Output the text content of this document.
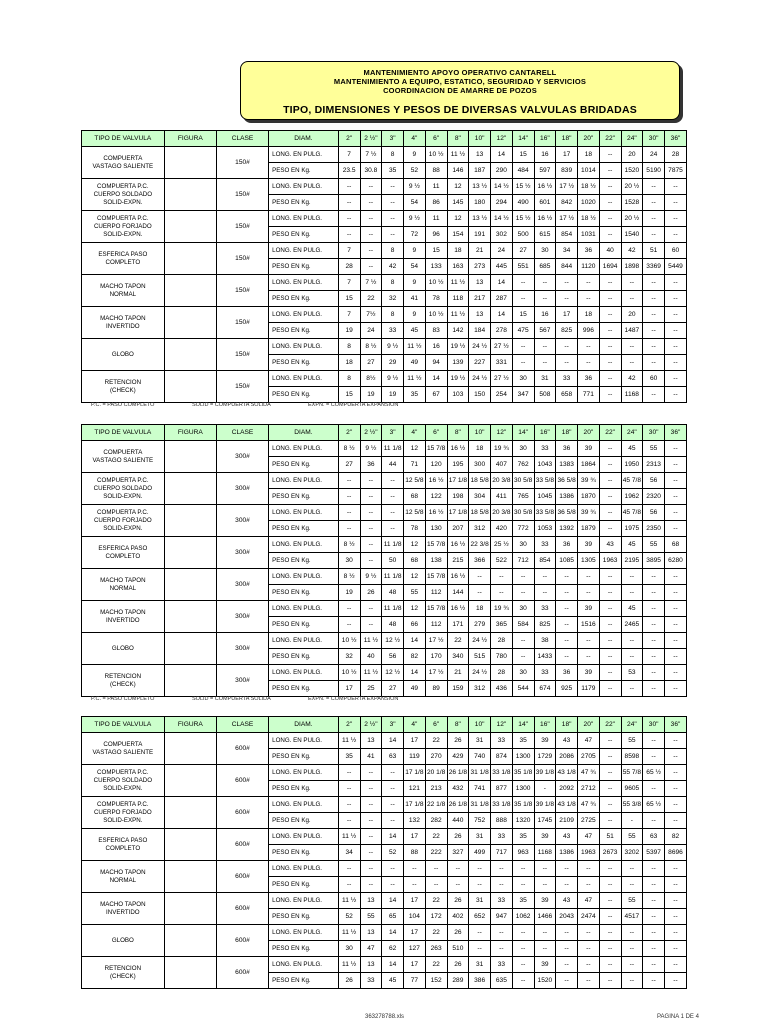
MANTENIMIENTO APOYO OPERATIVO CANTARELL
MANTENIMIENTO A EQUIPO, ESTATICO, SEGURIDAD Y SERVICIOS
COORDINACION DE AMARRE DE POZOS
TIPO, DIMENSIONES Y PESOS DE DIVERSAS VALVULAS BRIDADAS
TIPO DE VALVULA	FIGURA	CLASE	DIAM.	2"	2 ½"	3"	4"	6"	8"	10"	12"	14"	16"	18"	20"	22"	24"	30"	36"
COMPUERTA
VASTAGO SALIENTE		150#	LONG. EN PULG.	7	7 ½	8	9	10 ½	11 ½	13	14	15	16	17	18	--	20	24	28
			PESO EN Kg.	23.5	30.8	35	52	88	146	187	290	484	597	839	1014	--	1520	5190	7875
COMPUERTA P.C.
CUERPO SOLDADO
SOLID-EXPN.		150#	LONG. EN PULG.	--	--	--	9 ½	11	12	13 ½	14 ½	15 ½	16 ½	17 ½	18 ½	--	20 ½	--	--
			PESO EN Kg.	--	--	--	54	86	145	180	294	490	601	842	1020	--	1528	--	--
COMPUERTA P.C.
CUERPO FORJADO
SOLID-EXPN.		150#	LONG. EN PULG.	--	--	--	9 ½	11	12	13 ½	14 ½	15 ½	16 ½	17 ½	18 ½	--	20 ½	--	--
			PESO EN Kg.	--	--	--	72	96	154	191	302	500	615	854	1031	--	1540	--	--
ESFERICA PASO
COMPLETO		150#	LONG. EN PULG.	7	--	8	9	15	18	21	24	27	30	34	36	40	42	51	60
			PESO EN Kg.	28	--	42	54	133	163	273	445	551	685	844	1120	1694	1898	3369	5449
MACHO TAPON
NORMAL		150#	LONG. EN PULG.	7	7 ½	8	9	10 ½	11 ½	13	14	--	--	--	--	--	--	--	--
			PESO EN Kg.	15	22	32	41	78	118	217	287	--	--	--	--	--	--	--	--
MACHO TAPON
INVERTIDO		150#	LONG. EN PULG.	7	7½	8	9	10 ½	11 ½	13	14	15	16	17	18	--	20	--	--
			PESO EN Kg.	19	24	33	45	83	142	184	278	475	567	825	996	--	1487	--	--
GLOBO		150#	LONG. EN PULG.	8	8 ½	9 ½	11 ½	16	19 ½	24 ½	27 ½	--	--	--	--	--	--	--	--
			PESO EN Kg.	18	27	29	49	94	139	227	331	--	--	--	--	--	--	--	--
RETENCION
(CHECK)		150#	LONG. EN PULG.	8	8½	9 ½	11 ½	14	19 ½	24 ½	27 ½	30	31	33	36	--	42	60	--
			PESO EN Kg.	15	19	19	35	67	103	150	254	347	508	658	771	--	1168	--	--
P.C. = PASO COMPLETO	SOLID = COMPUERTA SOLIDA	EXPN. = COMPUERTA EXPANSION
TIPO DE VALVULA	FIGURA	CLASE	DIAM.	2"	2 ½"	3"	4"	6"	8"	10"	12"	14"	16"	18"	20"	22"	24"	30"	36"
COMPUERTA
VASTAGO SALIENTE		300#	LONG. EN PULG.	8 ½	9 ½	11 1/8	12	15 7/8	16 ½	18	19 ¾	30	33	36	39	--	45	55	--
			PESO EN Kg.	27	36	44	71	120	195	300	407	762	1043	1383	1864	--	1950	2313	--
COMPUERTA P.C.
CUERPO SOLDADO
SOLID-EXPN.		300#	LONG. EN PULG.	--	--	--	12 5/8	16 ½	17 1/8	18 5/8	20 3/8	30 5/8	33 5/8	36 5/8	39 ¾	--	45 7/8	56	--
			PESO EN Kg.	--	--	--	68	122	198	304	411	765	1045	1386	1870	--	1962	2320	--
COMPUERTA P.C.
CUERPO FORJADO
SOLID-EXPN.		300#	LONG. EN PULG.	--	--	--	12 5/8	16 ½	17 1/8	18 5/8	20 3/8	30 5/8	33 5/8	36 5/8	39 ¾	--	45 7/8	56	--
			PESO EN Kg.	--	--	--	78	130	207	312	420	772	1053	1392	1879	--	1975	2350	--
ESFERICA PASO
COMPLETO		300#	LONG. EN PULG.	8 ½	--	11 1/8	12	15 7/8	16 ½	22 3/8	25 ½	30	33	36	39	43	45	55	68
			PESO EN Kg.	30	--	50	68	138	215	366	522	712	854	1085	1305	1963	2195	3895	6280
MACHO TAPON
NORMAL		300#	LONG. EN PULG.	8 ½	9 ½	11 1/8	12	15 7/8	16 ½	--	--	--	--	--	--	--	--	--	--
			PESO EN Kg.	19	26	48	55	112	144	--	--	--	--	--	--	--	--	--	--
MACHO TAPON
INVERTIDO		300#	LONG. EN PULG.	--	--	11 1/8	12	15 7/8	16 ½	18	19 ¾	30	33	--	39	--	45	--	--
			PESO EN Kg.	--	--	48	66	112	171	279	365	584	825	--	1516	--	2465	--	--
GLOBO		300#	LONG. EN PULG.	10 ½	11 ½	12 ½	14	17 ½	22	24 ½	28	--	38	--	--	--	--	--	--
			PESO EN Kg.	32	40	56	82	170	340	515	780	--	1433	--	--	--	--	--	--
RETENCION
(CHECK)		300#	LONG. EN PULG.	10 ½	11 ½	12 ½	14	17 ½	21	24 ½	28	30	33	36	39	--	53	--	--
			PESO EN Kg.	17	25	27	49	89	159	312	436	544	674	925	1179	--	--	--	--
P.C. = PASO COMPLETO	SOLID = COMPUERTA SOLIDA	EXPN. = COMPUERTA EXPANSION
TIPO DE VALVULA	FIGURA	CLASE	DIAM.	2"	2 ½"	3"	4"	6"	8"	10"	12"	14"	16"	18"	20"	22"	24"	30"	36"
COMPUERTA
VASTAGO SALIENTE		600#	LONG. EN PULG.	11 ½	13	14	17	22	26	31	33	35	39	43	47	--	55	--	--
			PESO EN Kg.	35	41	63	119	270	429	740	874	1300	1729	2086	2705	--	8598	--	--
COMPUERTA P.C.
CUERPO SOLDADO
SOLID-EXPN.		600#	LONG. EN PULG.	--	--	--	17 1/8	20 1/8	26 1/8	31 1/8	33 1/8	35 1/8	39 1/8	43 1/8	47 ¾	--	55 7/8	65 ½	--
			PESO EN Kg.	--	--	--	121	213	432	741	877	1300	-	2092	2712	--	9605	--	--
COMPUERTA P.C.
CUERPO FORJADO
SOLID-EXPN.		600#	LONG. EN PULG.	--	--	--	17 1/8	22 1/8	26 1/8	31 1/8	33 1/8	35 1/8	39 1/8	43 1/8	47 ¾	--	55 3/8	65 ½	--
			PESO EN Kg.	--	--	--	132	282	440	752	888	1320	1745	2109	2725	--	-	--	--
ESFERICA PASO
COMPLETO		600#	LONG. EN PULG.	11 ½	--	14	17	22	26	31	33	35	39	43	47	51	55	63	82
			PESO EN Kg.	34	--	52	88	222	327	499	717	963	1168	1386	1963	2673	3202	5397	8696
MACHO TAPON
NORMAL		600#	LONG. EN PULG.	--	--	--	--	--	--	--	--	--	--	--	--	--	--	--	--
			PESO EN Kg.	--	--	--	--	--	--	--	--	--	--	--	--	--	--	--	--
MACHO TAPON
INVERTIDO		600#	LONG. EN PULG.	11 ½	13	14	17	22	26	31	33	35	39	43	47	--	55	--	--
			PESO EN Kg.	52	55	65	104	172	402	652	947	1062	1466	2043	2474	--	4517	--	--
GLOBO		600#	LONG. EN PULG.	11 ½	13	14	17	22	26	--	--	--	--	--	--	--	--	--	--
			PESO EN Kg.	30	47	62	127	263	510	--	--	--	--	--	--	--	--	--	--
RETENCION
(CHECK)		600#	LONG. EN PULG.	11 ½	13	14	17	22	26	31	33	--	39	--	--	--	--	--	--
			PESO EN Kg.	26	33	45	77	152	289	386	635	--	1520	--	--	--	--	--	--
363278788.xls	PAGINA 1 DE 4
